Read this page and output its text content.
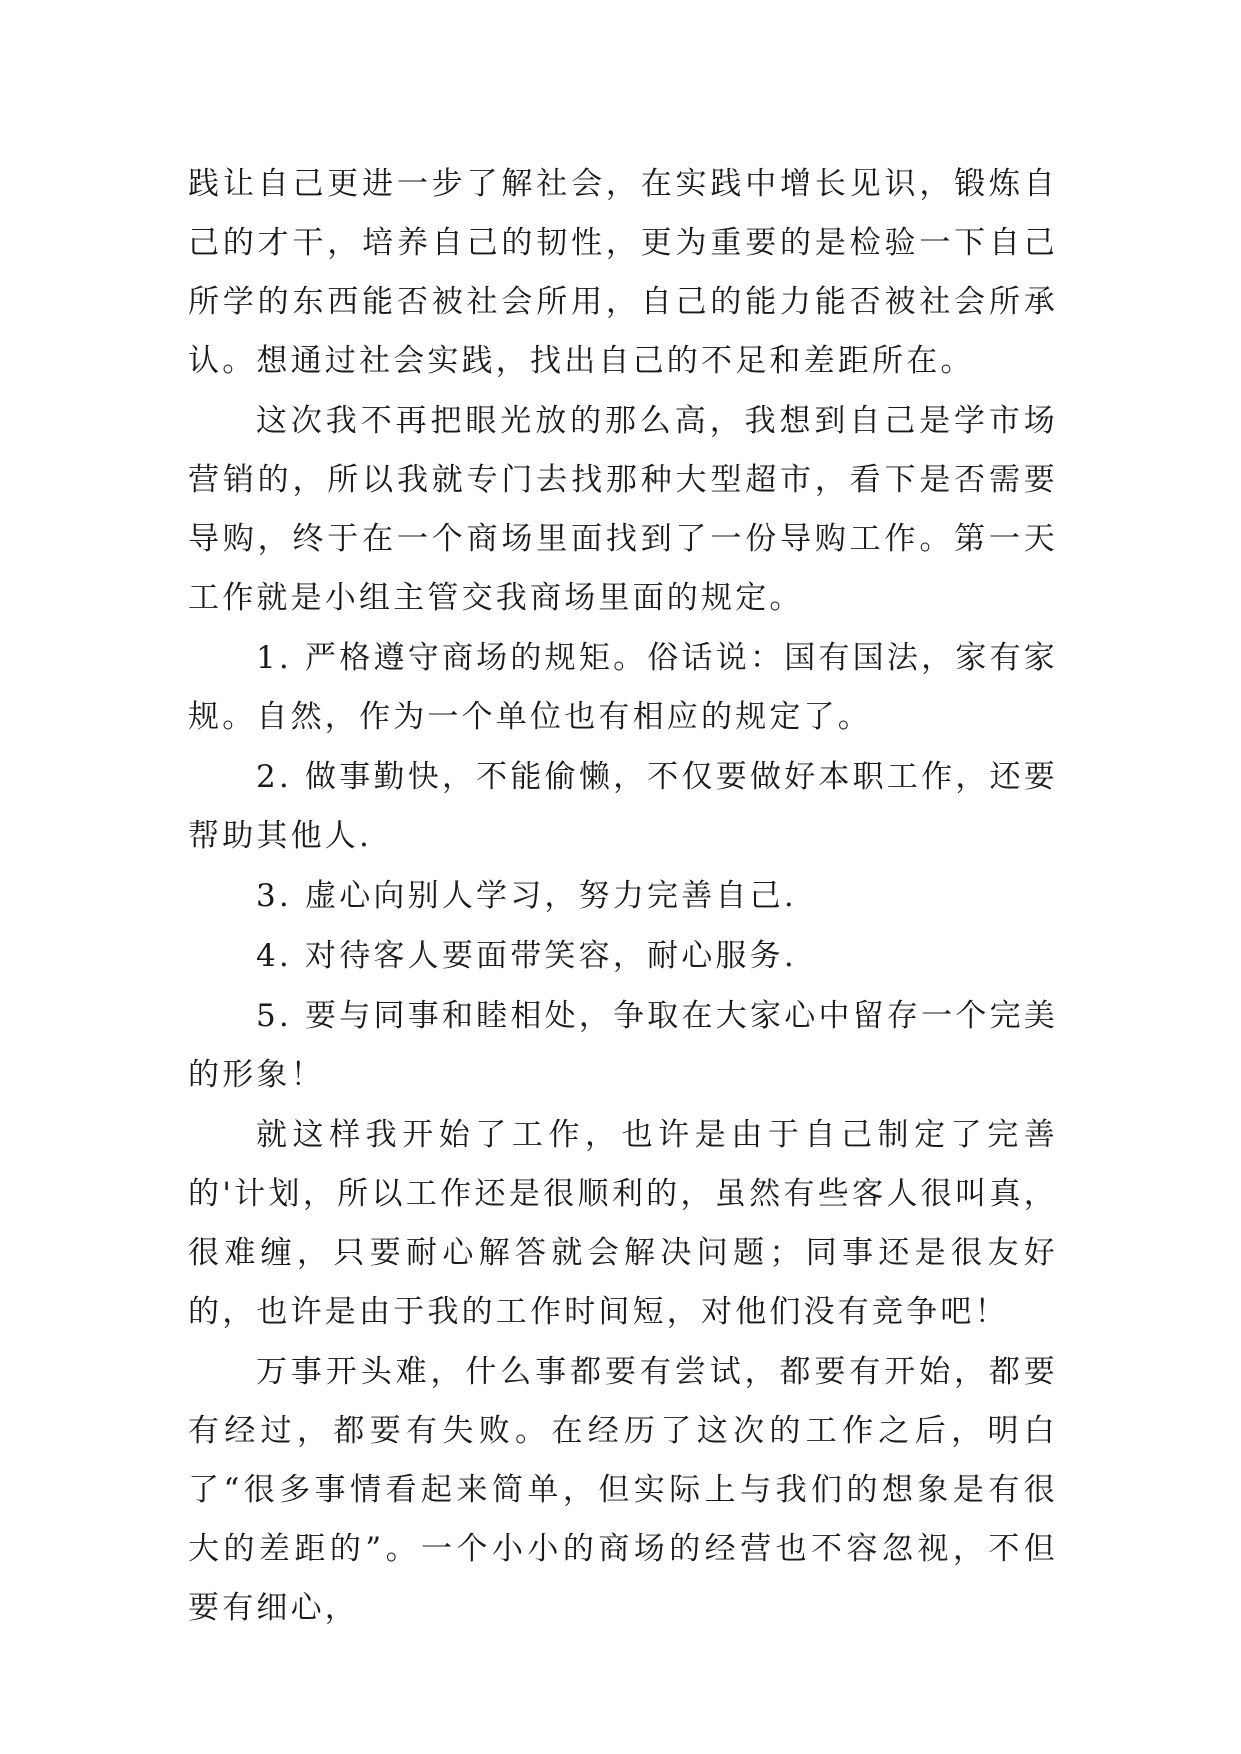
践让自己更进一步了解社会，在实践中增长见识，锻炼自己的才干，培养自己的韧性，更为重要的是检验一下自己所学的东西能否被社会所用，自己的能力能否被社会所承认。想通过社会实践，找出自己的不足和差距所在。

这次我不再把眼光放的那么高，我想到自己是学市场营销的，所以我就专门去找那种大型超市，看下是否需要导购，终于在一个商场里面找到了一份导购工作。第一天工作就是小组主管交我商场里面的规定。

1. 严格遵守商场的规矩。俗话说：国有国法，家有家规。自然，作为一个单位也有相应的规定了。

2. 做事勤快，不能偷懒，不仅要做好本职工作，还要帮助其他人.

3. 虚心向别人学习，努力完善自己.

4. 对待客人要面带笑容，耐心服务.

5. 要与同事和睦相处，争取在大家心中留存一个完美的形象！

就这样我开始了工作，也许是由于自己制定了完善的'计划，所以工作还是很顺利的，虽然有些客人很叫真，很难缠，只要耐心解答就会解决问题；同事还是很友好的，也许是由于我的工作时间短，对他们没有竞争吧！

万事开头难，什么事都要有尝试，都要有开始，都要有经过，都要有失败。在经历了这次的工作之后，明白了“很多事情看起来简单，但实际上与我们的想象是有很大的差距的”。一个小小的商场的经营也不容忽视，不但要有细心，
